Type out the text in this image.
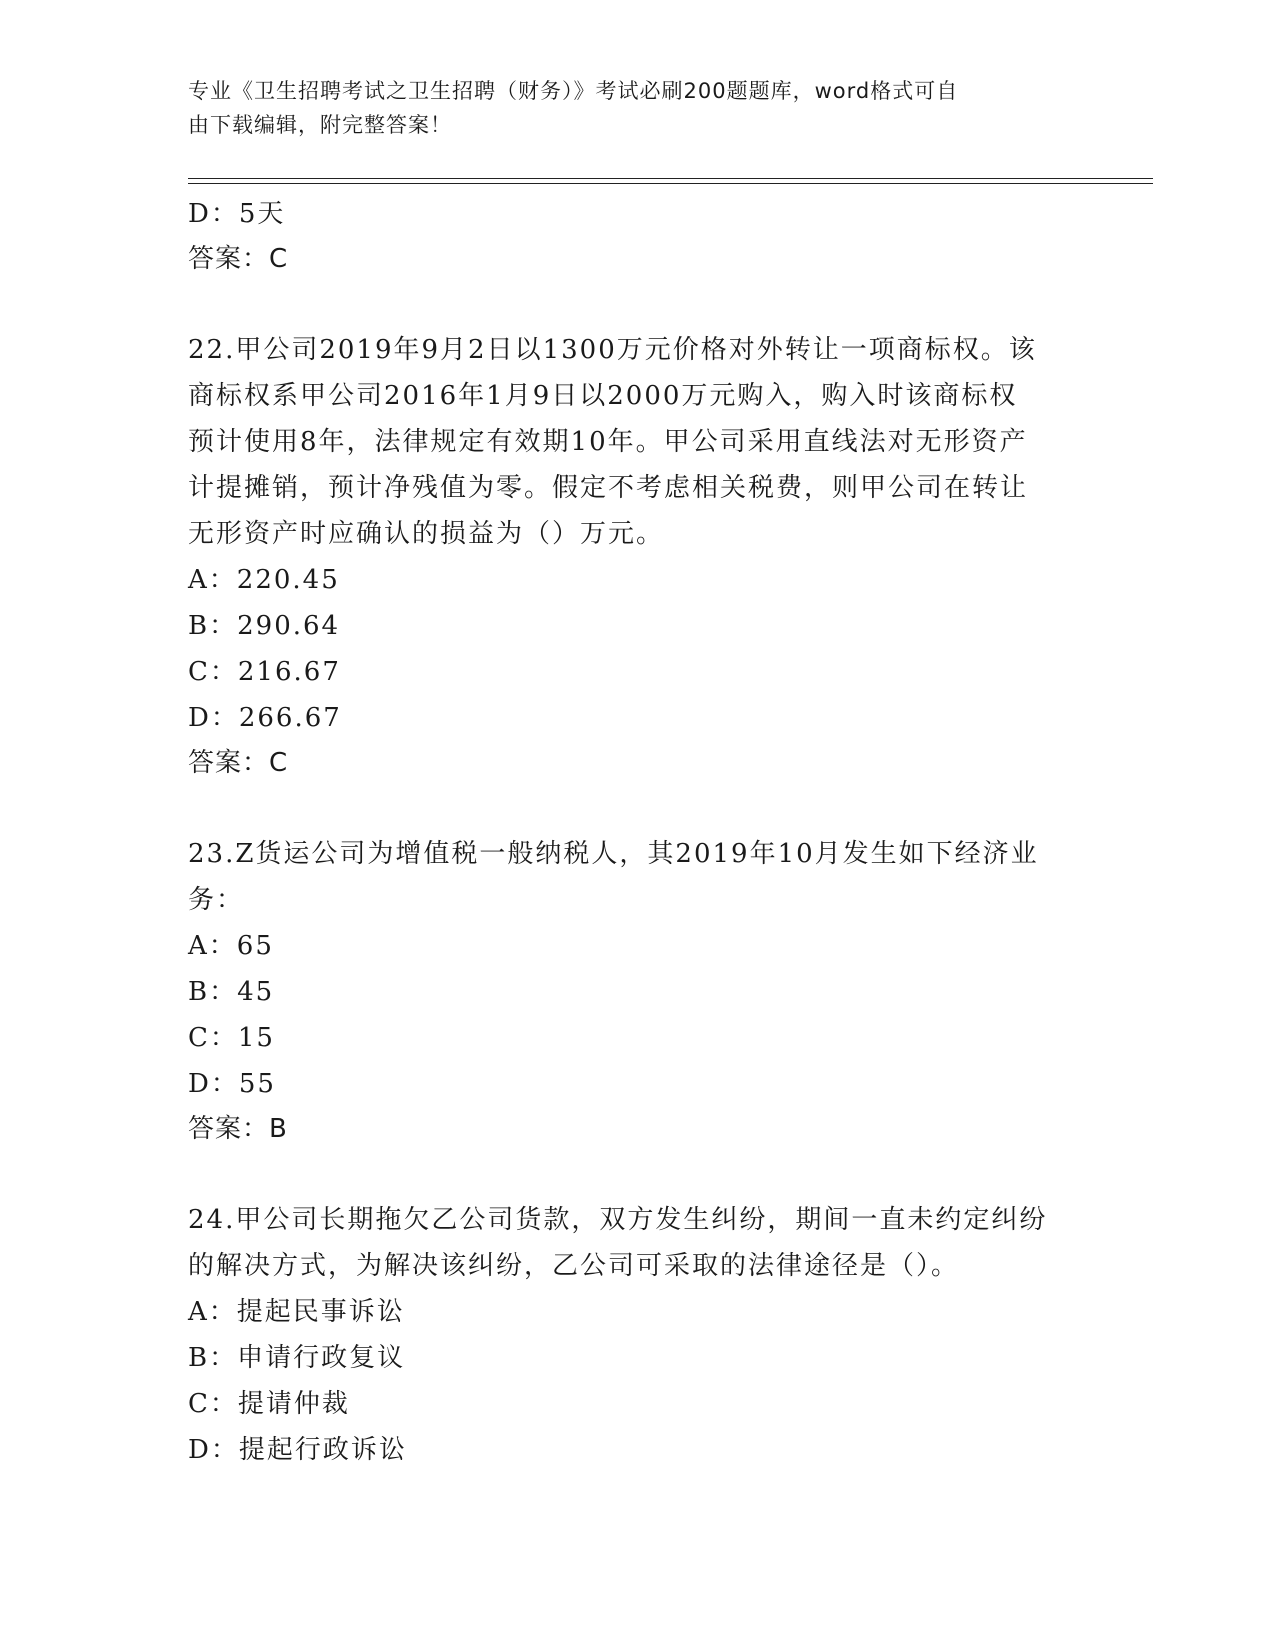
专业《卫生招聘考试之卫生招聘（财务）》考试必刷200题题库，word格式可自
由下载编辑，附完整答案！
D：5天
答案：C
22.甲公司2019年9月2日以1300万元价格对外转让一项商标权。该
商标权系甲公司2016年1月9日以2000万元购入，购入时该商标权
预计使用8年，法律规定有效期10年。甲公司采用直线法对无形资产
计提摊销，预计净残值为零。假定不考虑相关税费，则甲公司在转让
无形资产时应确认的损益为（）万元。
A：220.45
B：290.64
C：216.67
D：266.67
答案：C
23.Z货运公司为增值税一般纳税人，其2019年10月发生如下经济业
务：
A：65
B：45
C：15
D：55
答案：B
24.甲公司长期拖欠乙公司货款，双方发生纠纷，期间一直未约定纠纷
的解决方式，为解决该纠纷，乙公司可采取的法律途径是（）。
A：提起民事诉讼
B：申请行政复议
C：提请仲裁
D：提起行政诉讼
